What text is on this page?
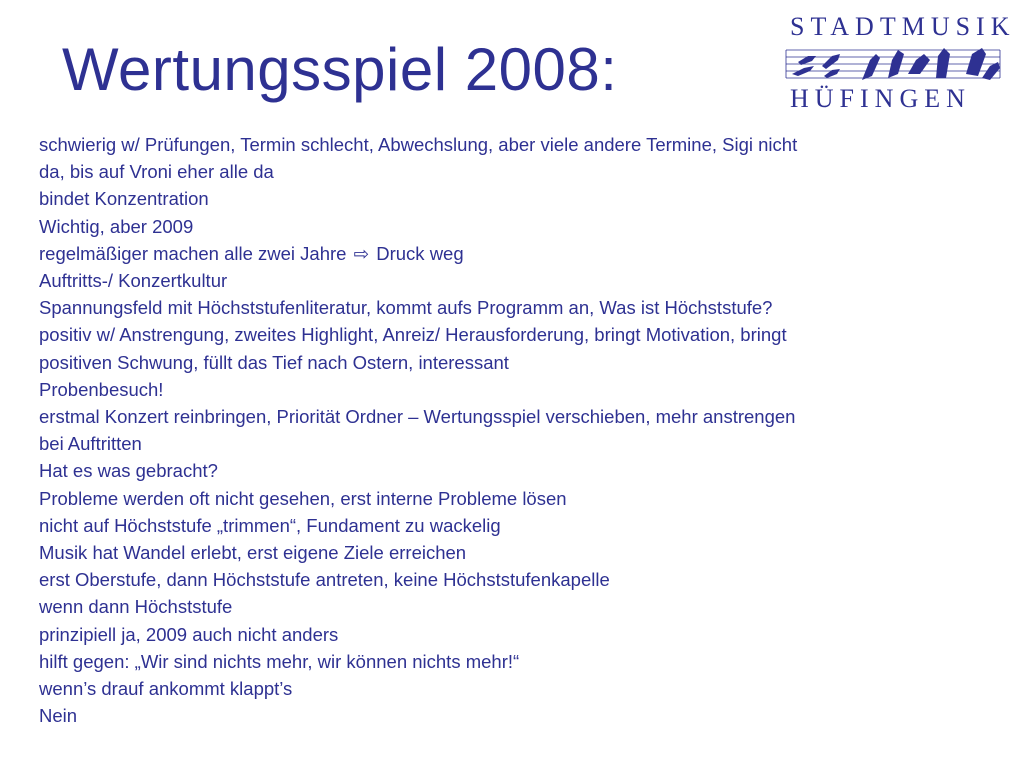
Wertungsspiel 2008:
STADTMUSIK
HÜFINGEN
schwierig w/ Prüfungen, Termin schlecht, Abwechslung, aber viele andere Termine, Sigi nicht
da, bis auf Vroni eher alle da
bindet Konzentration
Wichtig, aber 2009
regelmäßiger machen alle zwei Jahre ⇨ Druck weg
Auftritts-/ Konzertkultur
Spannungsfeld mit Höchststufenliteratur, kommt aufs Programm an, Was ist Höchststufe?
positiv w/ Anstrengung, zweites Highlight, Anreiz/ Herausforderung, bringt Motivation, bringt
positiven Schwung, füllt das Tief nach Ostern, interessant
Probenbesuch!
erstmal Konzert reinbringen, Priorität Ordner – Wertungsspiel verschieben, mehr anstrengen
bei Auftritten
Hat es was gebracht?
Probleme werden oft nicht gesehen, erst interne Probleme lösen
nicht auf Höchststufe „trimmen“, Fundament zu wackelig
Musik hat Wandel erlebt, erst eigene Ziele erreichen
erst Oberstufe, dann Höchststufe antreten, keine Höchststufenkapelle
wenn dann Höchststufe
prinzipiell ja, 2009 auch nicht anders
hilft gegen: „Wir sind nichts mehr, wir können nichts mehr!“
wenn’s drauf ankommt klappt’s
Nein
